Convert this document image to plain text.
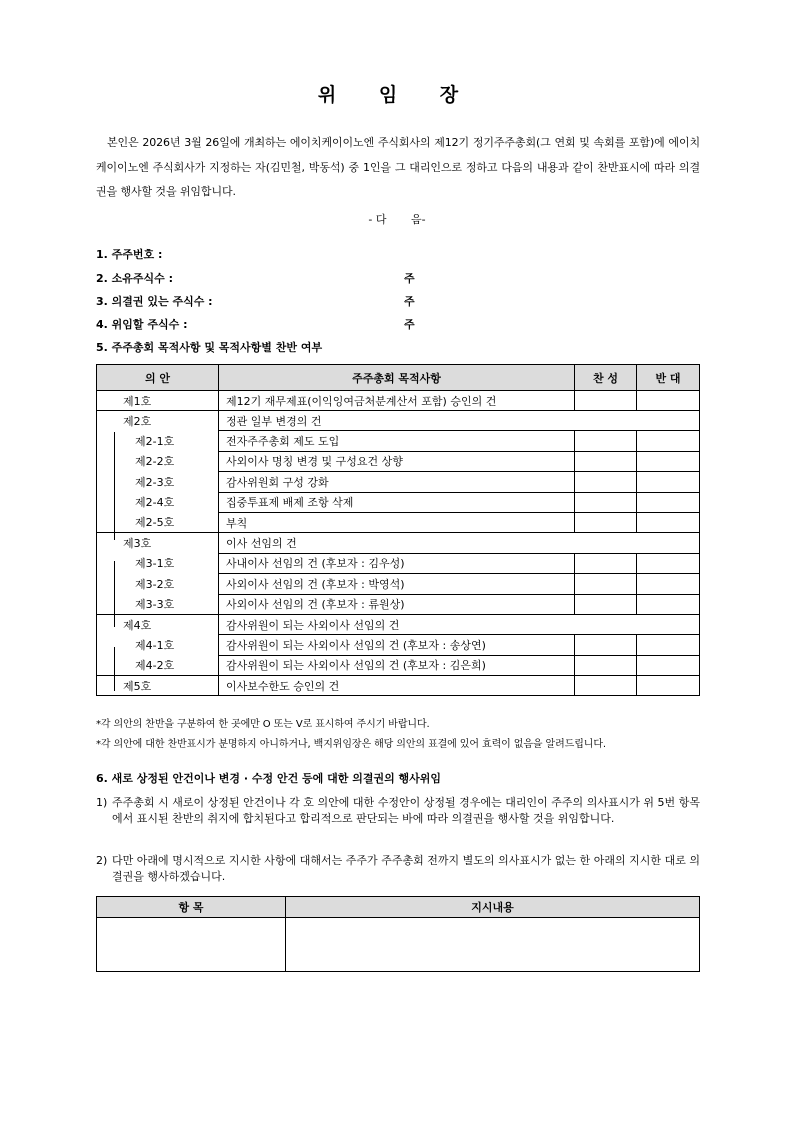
위 임 장
본인은 2026년 3월 26일에 개최하는 에이치케이이노엔 주식회사의 제12기 정기주주총회(그 연회 및 속회를 포함)에 에이치케이이노엔 주식회사가 지정하는 자(김민철, 박동석) 중 1인을 그 대리인으로 정하고 다음의 내용과 같이 찬반표시에 따라 의결권을 행사할 것을 위임합니다.
- 다       음-
1. 주주번호 :
2. 소유주식수 :	주
3. 의결권 있는 주식수 :	주
4. 위임할 주식수 :	주
5. 주주총회 목적사항 및 목적사항별 찬반 여부
의 안	주주총회 목적사항	찬 성	반 대
제1호	제12기 재무제표(이익잉여금처분계산서 포함) 승인의 건		
제2호	정관 일부 변경의 건		
제2-1호	전자주주총회 제도 도입		
제2-2호	사외이사 명칭 변경 및 구성요건 상향		
제2-3호	감사위원회 구성 강화		
제2-4호	집중투표제 배제 조항 삭제		
제2-5호	부칙		
제3호	이사 선임의 건		
제3-1호	사내이사 선임의 건 (후보자 : 김우성)		
제3-2호	사외이사 선임의 건 (후보자 : 박영석)		
제3-3호	사외이사 선임의 건 (후보자 : 류원상)		
제4호	감사위원이 되는 사외이사 선임의 건		
제4-1호	감사위원이 되는 사외이사 선임의 건 (후보자 : 송상연)		
제4-2호	감사위원이 되는 사외이사 선임의 건 (후보자 : 김은희)		
제5호	이사보수한도 승인의 건		
*각 의안의 찬반을 구분하여 한 곳에만 O 또는 V로 표시하여 주시기 바랍니다.
*각 의안에 대한 찬반표시가 분명하지 아니하거나, 백지위임장은 해당 의안의 표결에 있어 효력이 없음을 알려드립니다.
6. 새로 상정된 안건이나 변경 · 수정 안건 등에 대한 의결권의 행사위임
1) 주주총회 시 새로이 상정된 안건이나 각 호 의안에 대한 수정안이 상정될 경우에는 대리인이 주주의 의사표시가 위 5번 항목에서 표시된 찬반의 취지에 합치된다고 합리적으로 판단되는 바에 따라 의결권을 행사할 것을 위임합니다.
2) 다만 아래에 명시적으로 지시한 사항에 대해서는 주주가 주주총회 전까지 별도의 의사표시가 없는 한 아래의 지시한 대로 의결권을 행사하겠습니다.
항 목	지시내용
